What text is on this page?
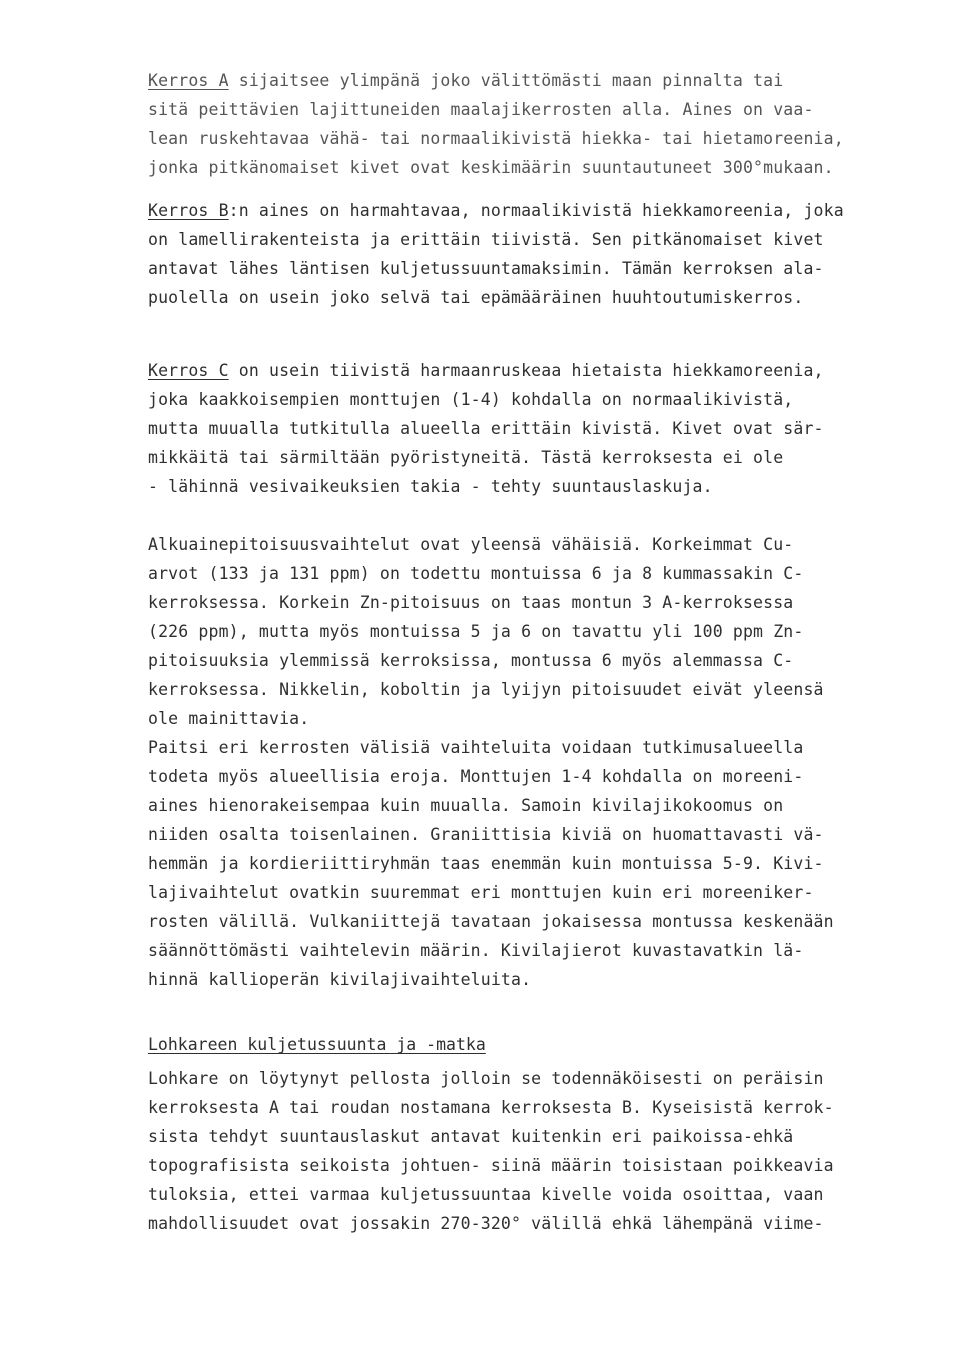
Kerros A sijaitsee ylimpänä joko välittömästi maan pinnalta tai
sitä peittävien lajittuneiden maalajikerrosten alla. Aines on vaa-
lean ruskehtavaa vähä- tai normaalikivistä hiekka- tai hietamoreenia,
jonka pitkänomaiset kivet ovat keskimäärin suuntautuneet 300°mukaan.
Kerros B:n aines on harmahtavaa, normaalikivistä hiekkamoreenia, joka
on lamellirakenteista ja erittäin tiivistä. Sen pitkänomaiset kivet
antavat lähes läntisen kuljetussuuntamaksimin. Tämän kerroksen ala-
puolella on usein joko selvä tai epämääräinen huuhtoutumiskerros.
Kerros C on usein tiivistä harmaanruskeaa hietaista hiekkamoreenia,
joka kaakkoisempien monttujen (1-4) kohdalla on normaalikivistä,
mutta muualla tutkitulla alueella erittäin kivistä. Kivet ovat sär-
mikkäitä tai särmiltään pyöristyneitä. Tästä kerroksesta ei ole
- lähinnä vesivaikeuksien takia - tehty suuntauslaskuja.
Alkuainepitoisuusvaihtelut ovat yleensä vähäisiä. Korkeimmat Cu-
arvot (133 ja 131 ppm) on todettu montuissa 6 ja 8 kummassakin C-
kerroksessa. Korkein Zn-pitoisuus on taas montun 3 A-kerroksessa
(226 ppm), mutta myös montuissa 5 ja 6 on tavattu yli 100 ppm Zn-
pitoisuuksia ylemmissä kerroksissa, montussa 6 myös alemmassa C-
kerroksessa. Nikkelin, koboltin ja lyijyn pitoisuudet eivät yleensä
ole mainittavia.
Paitsi eri kerrosten välisiä vaihteluita voidaan tutkimusalueella
todeta myös alueellisia eroja. Monttujen 1-4 kohdalla on moreeni-
aines hienorakeisempaa kuin muualla. Samoin kivilajikokoomus on
niiden osalta toisenlainen. Graniittisia kiviä on huomattavasti vä-
hemmän ja kordieriittiryhmän taas enemmän kuin montuissa 5-9. Kivi-
lajivaihtelut ovatkin suuremmat eri monttujen kuin eri moreeniker-
rosten välillä. Vulkaniittejä tavataan jokaisessa montussa keskenään
säännöttömästi vaihtelevin määrin. Kivilajierot kuvastavatkin lä-
hinnä kallioperän kivilajivaihteluita.
Lohkareen kuljetussuunta ja -matka
Lohkare on löytynyt pellosta jolloin se todennäköisesti on peräisin
kerroksesta A tai roudan nostamana kerroksesta B. Kyseisistä kerrok-
sista tehdyt suuntauslaskut antavat kuitenkin eri paikoissa-ehkä
topografisista seikoista johtuen- siinä määrin toisistaan poikkeavia
tuloksia, ettei varmaa kuljetussuuntaa kivelle voida osoittaa, vaan
mahdollisuudet ovat jossakin 270-320° välillä ehkä lähempänä viime-
